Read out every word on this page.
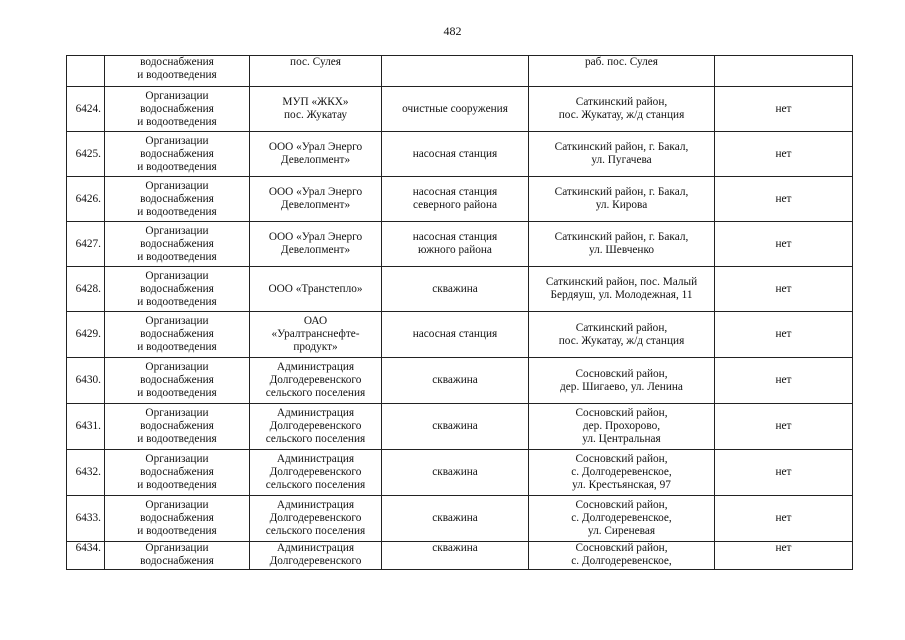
482
	водоснабжения
и водоотведения	пос. Сулея		раб. пос. Сулея	
6424.	Организации
водоснабжения
и водоотведения	МУП «ЖКХ»
пос. Жукатау	очистные сооружения	Саткинский район,
пос. Жукатау, ж/д станция	нет
6425.	Организации
водоснабжения
и водоотведения	ООО «Урал Энерго
Девелопмент»	насосная станция	Саткинский район, г. Бакал,
ул. Пугачева	нет
6426.	Организации
водоснабжения
и водоотведения	ООО «Урал Энерго
Девелопмент»	насосная станция
северного района	Саткинский район, г. Бакал,
ул. Кирова	нет
6427.	Организации
водоснабжения
и водоотведения	ООО «Урал Энерго
Девелопмент»	насосная станция
южного района	Саткинский район, г. Бакал,
ул. Шевченко	нет
6428.	Организации
водоснабжения
и водоотведения	ООО «Транстепло»	скважина	Саткинский район, пос. Малый
Бердяуш, ул. Молодежная, 11	нет
6429.	Организации
водоснабжения
и водоотведения	ОАО
«Уралтранснефте-
продукт»	насосная станция	Саткинский район,
пос. Жукатау, ж/д станция	нет
6430.	Организации
водоснабжения
и водоотведения	Администрация
Долгодеревенского
сельского поселения	скважина	Сосновский район,
дер. Шигаево, ул. Ленина	нет
6431.	Организации
водоснабжения
и водоотведения	Администрация
Долгодеревенского
сельского поселения	скважина	Сосновский район,
дер. Прохорово,
ул. Центральная	нет
6432.	Организации
водоснабжения
и водоотведения	Администрация
Долгодеревенского
сельского поселения	скважина	Сосновский район,
с. Долгодеревенское,
ул. Крестьянская, 97	нет
6433.	Организации
водоснабжения
и водоотведения	Администрация
Долгодеревенского
сельского поселения	скважина	Сосновский район,
с. Долгодеревенское,
ул. Сиреневая	нет
6434.	Организации
водоснабжения	Администрация
Долгодеревенского	скважина	Сосновский район,
с. Долгодеревенское,	нет
